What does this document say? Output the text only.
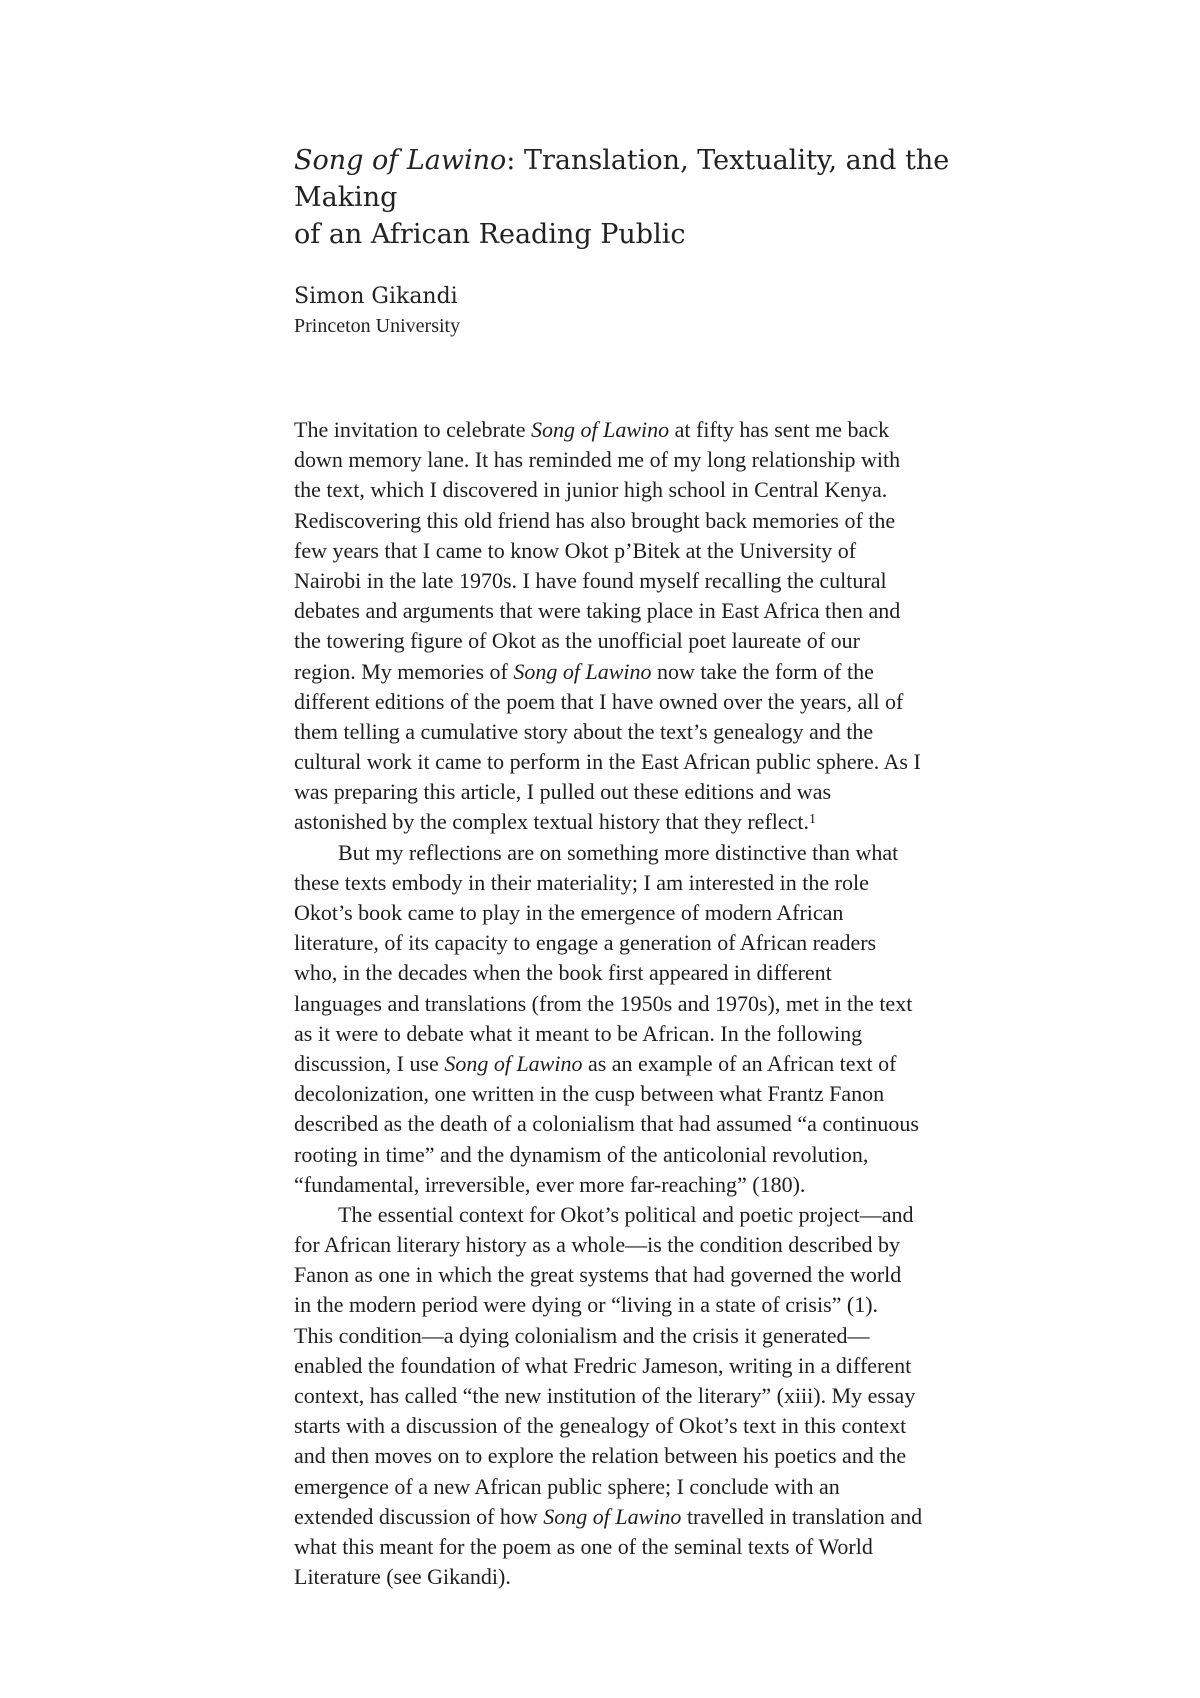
Song of Lawino: Translation, Textuality, and the Making
of an African Reading Public
Simon Gikandi
Princeton University
The invitation to celebrate Song of Lawino at fifty has sent me back
down memory lane. It has reminded me of my long relationship with
the text, which I discovered in junior high school in Central Kenya.
Rediscovering this old friend has also brought back memories of the
few years that I came to know Okot p’Bitek at the University of
Nairobi in the late 1970s. I have found myself recalling the cultural
debates and arguments that were taking place in East Africa then and
the towering figure of Okot as the unofficial poet laureate of our
region. My memories of Song of Lawino now take the form of the
different editions of the poem that I have owned over the years, all of
them telling a cumulative story about the text’s genealogy and the
cultural work it came to perform in the East African public sphere. As I
was preparing this article, I pulled out these editions and was
astonished by the complex textual history that they reflect.$^1$
But my reflections are on something more distinctive than what
these texts embody in their materiality; I am interested in the role
Okot’s book came to play in the emergence of modern African
literature, of its capacity to engage a generation of African readers
who, in the decades when the book first appeared in different
languages and translations (from the 1950s and 1970s), met in the text
as it were to debate what it meant to be African. In the following
discussion, I use Song of Lawino as an example of an African text of
decolonization, one written in the cusp between what Frantz Fanon
described as the death of a colonialism that had assumed “a continuous
rooting in time” and the dynamism of the anticolonial revolution,
“fundamental, irreversible, ever more far-reaching” (180).
The essential context for Okot’s political and poetic project—and
for African literary history as a whole—is the condition described by
Fanon as one in which the great systems that had governed the world
in the modern period were dying or “living in a state of crisis” (1).
This condition—a dying colonialism and the crisis it generated—
enabled the foundation of what Fredric Jameson, writing in a different
context, has called “the new institution of the literary” (xiii). My essay
starts with a discussion of the genealogy of Okot’s text in this context
and then moves on to explore the relation between his poetics and the
emergence of a new African public sphere; I conclude with an
extended discussion of how Song of Lawino travelled in translation and
what this meant for the poem as one of the seminal texts of World
Literature (see Gikandi).
